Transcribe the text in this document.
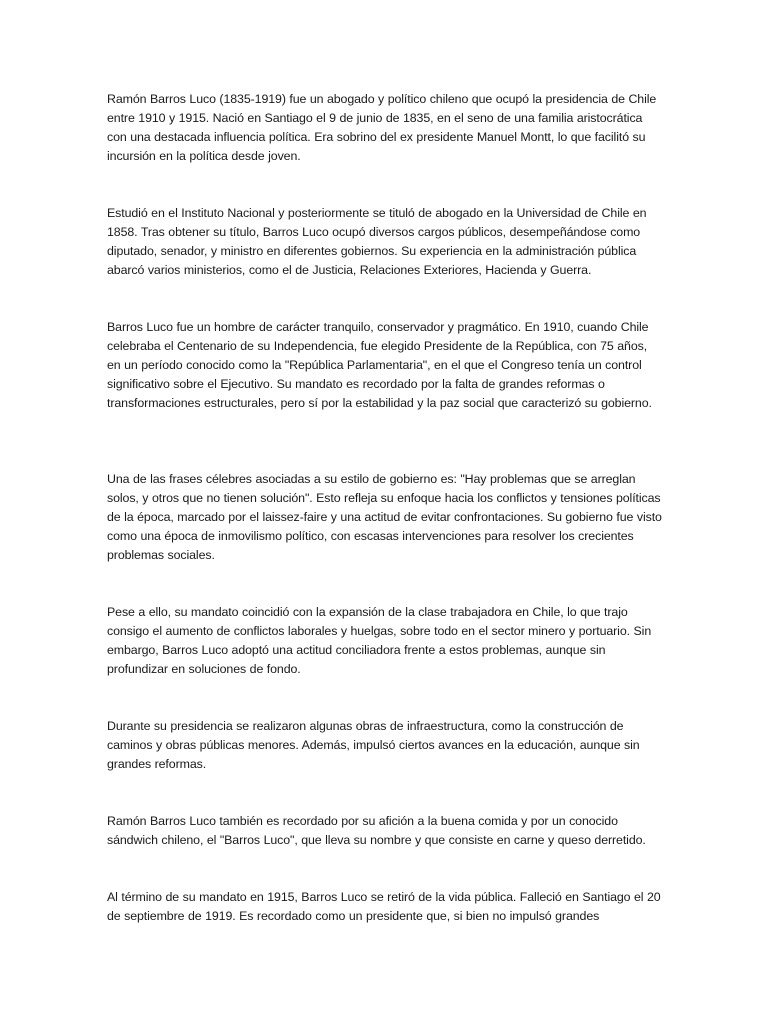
Ramón Barros Luco (1835-1919) fue un abogado y político chileno que ocupó la presidencia de Chile entre 1910 y 1915. Nació en Santiago el 9 de junio de 1835, en el seno de una familia aristocrática con una destacada influencia política. Era sobrino del ex presidente Manuel Montt, lo que facilitó su incursión en la política desde joven.

Estudió en el Instituto Nacional y posteriormente se tituló de abogado en la Universidad de Chile en 1858. Tras obtener su título, Barros Luco ocupó diversos cargos públicos, desempeñándose como diputado, senador, y ministro en diferentes gobiernos. Su experiencia en la administración pública abarcó varios ministerios, como el de Justicia, Relaciones Exteriores, Hacienda y Guerra.

Barros Luco fue un hombre de carácter tranquilo, conservador y pragmático. En 1910, cuando Chile celebraba el Centenario de su Independencia, fue elegido Presidente de la República, con 75 años, en un período conocido como la "República Parlamentaria", en el que el Congreso tenía un control significativo sobre el Ejecutivo. Su mandato es recordado por la falta de grandes reformas o transformaciones estructurales, pero sí por la estabilidad y la paz social que caracterizó su gobierno.

Una de las frases célebres asociadas a su estilo de gobierno es: "Hay problemas que se arreglan solos, y otros que no tienen solución". Esto refleja su enfoque hacia los conflictos y tensiones políticas de la época, marcado por el laissez-faire y una actitud de evitar confrontaciones. Su gobierno fue visto como una época de inmovilismo político, con escasas intervenciones para resolver los crecientes problemas sociales.

Pese a ello, su mandato coincidió con la expansión de la clase trabajadora en Chile, lo que trajo consigo el aumento de conflictos laborales y huelgas, sobre todo en el sector minero y portuario. Sin embargo, Barros Luco adoptó una actitud conciliadora frente a estos problemas, aunque sin profundizar en soluciones de fondo.

Durante su presidencia se realizaron algunas obras de infraestructura, como la construcción de caminos y obras públicas menores. Además, impulsó ciertos avances en la educación, aunque sin grandes reformas.

Ramón Barros Luco también es recordado por su afición a la buena comida y por un conocido sándwich chileno, el "Barros Luco", que lleva su nombre y que consiste en carne y queso derretido.

Al término de su mandato en 1915, Barros Luco se retiró de la vida pública. Falleció en Santiago el 20 de septiembre de 1919. Es recordado como un presidente que, si bien no impulsó grandes
